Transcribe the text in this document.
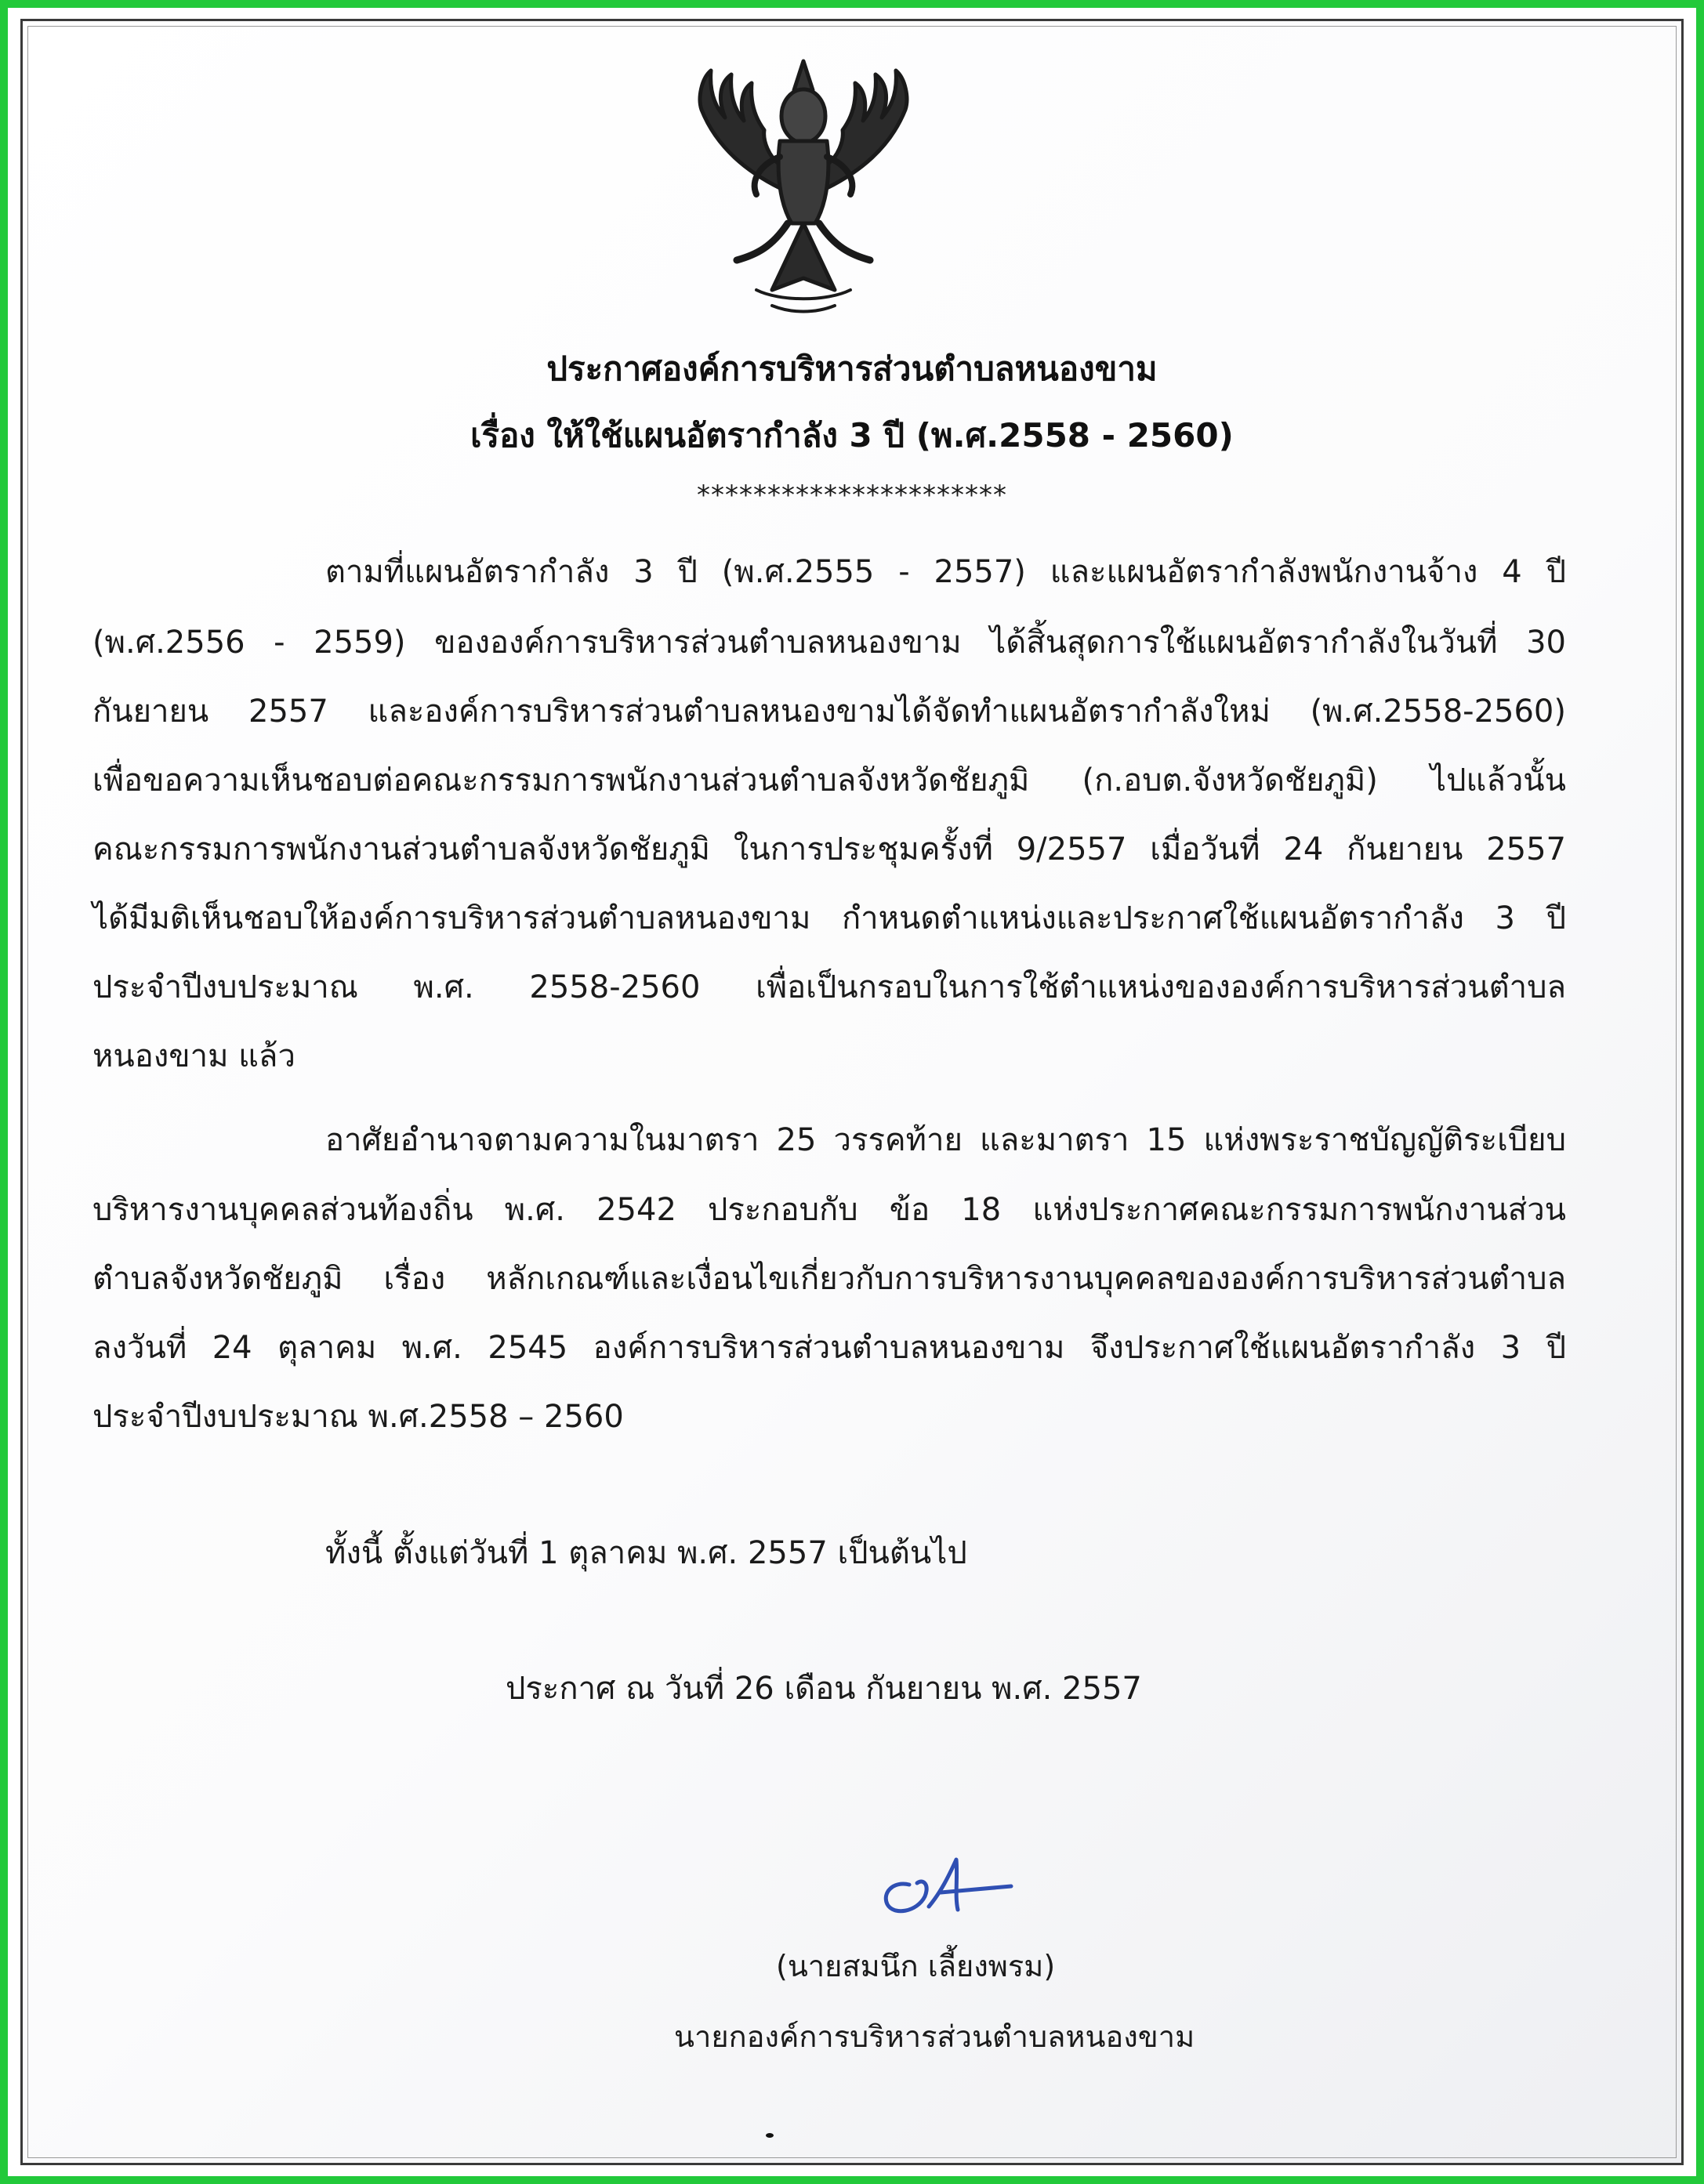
ประกาศองค์การบริหารส่วนตำบลหนองขาม
เรื่อง ให้ใช้แผนอัตรากำลัง 3 ปี (พ.ศ.2558 - 2560)
**********************
ตามที่แผนอัตรากำลัง 3 ปี (พ.ศ.2555 - 2557) และแผนอัตรากำลังพนักงานจ้าง 4 ปี
(พ.ศ.2556 - 2559) ขององค์การบริหารส่วนตำบลหนองขาม ได้สิ้นสุดการใช้แผนอัตรากำลังในวันที่ 30
กันยายน 2557 และองค์การบริหารส่วนตำบลหนองขามได้จัดทำแผนอัตรากำลังใหม่ (พ.ศ.2558-2560)
เพื่อขอความเห็นชอบต่อคณะกรรมการพนักงานส่วนตำบลจังหวัดชัยภูมิ (ก.อบต.จังหวัดชัยภูมิ) ไปแล้วนั้น
คณะกรรมการพนักงานส่วนตำบลจังหวัดชัยภูมิ ในการประชุมครั้งที่ 9/2557 เมื่อวันที่ 24 กันยายน 2557
ได้มีมติเห็นชอบให้องค์การบริหารส่วนตำบลหนองขาม กำหนดตำแหน่งและประกาศใช้แผนอัตรากำลัง 3 ปี
ประจำปีงบประมาณ พ.ศ. 2558-2560 เพื่อเป็นกรอบในการใช้ตำแหน่งขององค์การบริหารส่วนตำบล
หนองขาม แล้ว
อาศัยอำนาจตามความในมาตรา 25 วรรคท้าย และมาตรา 15 แห่งพระราชบัญญัติระเบียบ
บริหารงานบุคคลส่วนท้องถิ่น พ.ศ. 2542 ประกอบกับ ข้อ 18 แห่งประกาศคณะกรรมการพนักงานส่วน
ตำบลจังหวัดชัยภูมิ เรื่อง หลักเกณฑ์และเงื่อนไขเกี่ยวกับการบริหารงานบุคคลขององค์การบริหารส่วนตำบล
ลงวันที่ 24 ตุลาคม พ.ศ. 2545 องค์การบริหารส่วนตำบลหนองขาม จึงประกาศใช้แผนอัตรากำลัง 3 ปี
ประจำปีงบประมาณ พ.ศ.2558 – 2560
ทั้งนี้ ตั้งแต่วันที่ 1 ตุลาคม พ.ศ. 2557 เป็นต้นไป
ประกาศ ณ วันที่ 26 เดือน กันยายน พ.ศ. 2557
(นายสมนึก เลี้ยงพรม)
นายกองค์การบริหารส่วนตำบลหนองขาม
